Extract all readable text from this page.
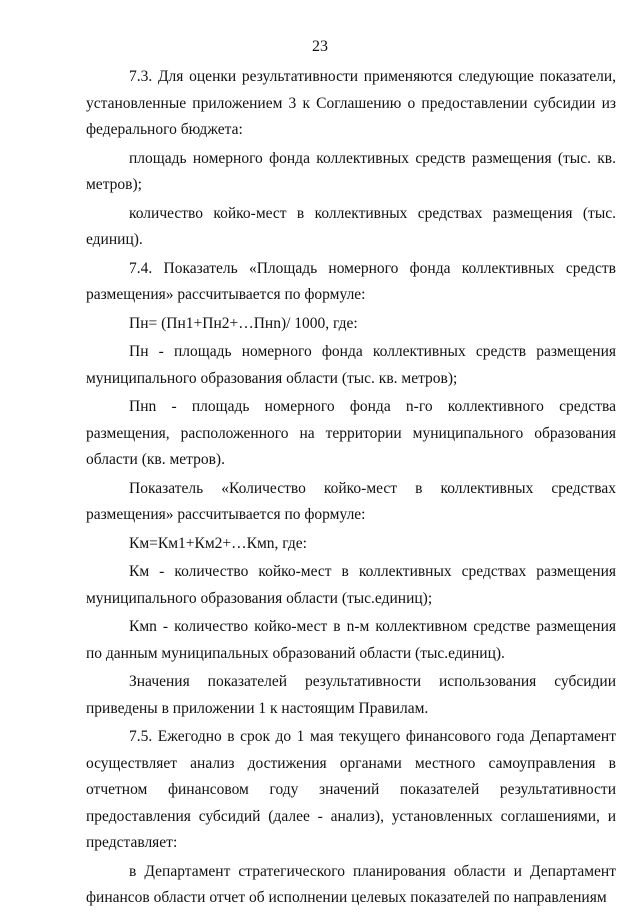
23

7.3. Для оценки результативности применяются следующие показатели, установленные приложением 3 к Соглашению о предоставлении субсидии из федерального бюджета:

площадь номерного фонда коллективных средств размещения (тыс. кв. метров);

количество койко-мест в коллективных средствах размещения (тыс. единиц).

7.4. Показатель «Площадь номерного фонда коллективных средств размещения» рассчитывается по формуле:

Пн= (Пн1+Пн2+…Пнn)/ 1000, где:

Пн - площадь номерного фонда коллективных средств размещения муниципального образования области (тыс. кв. метров);

Пнn - площадь номерного фонда n-го коллективного средства размещения, расположенного на территории муниципального образования области (кв. метров).

Показатель «Количество койко-мест в коллективных средствах размещения» рассчитывается по формуле:

Км=Км1+Км2+…Кмn, где:

Км - количество койко-мест в коллективных средствах размещения муниципального образования области (тыс.единиц);

Кмn - количество койко-мест в n-м коллективном средстве размещения по данным муниципальных образований области (тыс.единиц).

Значения показателей результативности использования субсидии приведены в приложении 1 к настоящим Правилам.

7.5. Ежегодно в срок до 1 мая текущего финансового года Департамент осуществляет анализ достижения органами местного самоуправления в отчетном финансовом году значений показателей результативности предоставления субсидий (далее - анализ), установленных соглашениями, и представляет:

в Департамент стратегического планирования области и Департамент финансов области отчет об исполнении целевых показателей по направлениям
